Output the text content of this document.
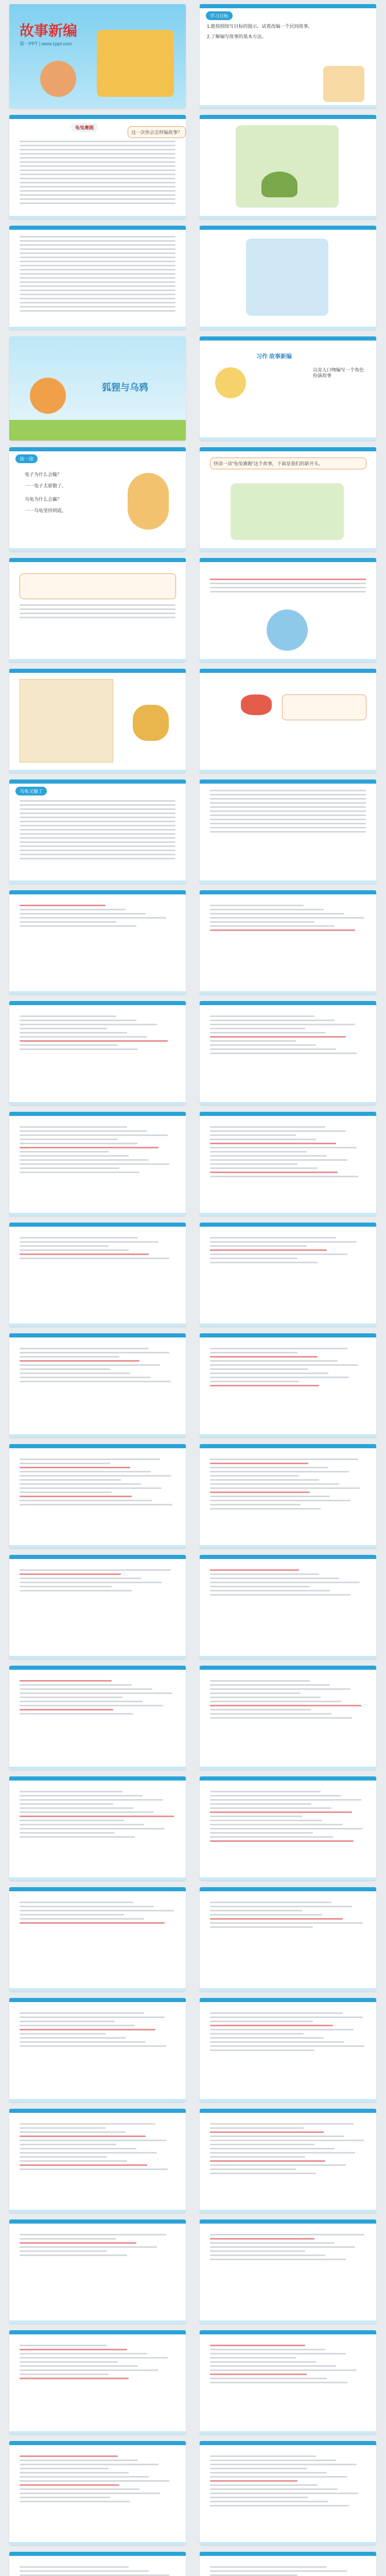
故事新编
第一PPT | www.1ppt.com
学习目标
1.能按照续写目标的提示，试着改编一个民间故事。
2.了解编写故事的基本方法。
龟兔赛跑
这一次你会怎样编故事？
狐狸与乌鸦
习作 故事新编
以旁人口吻编写一个角色扮演故事
读一读
兔子为什么会输？
一一兔子太骄傲了。
乌龟为什么会赢？
一一乌龟坚持到底。
快读一读“龟兔赛跑”这个故事，下面是我们的新开头。
乌龟又输了
